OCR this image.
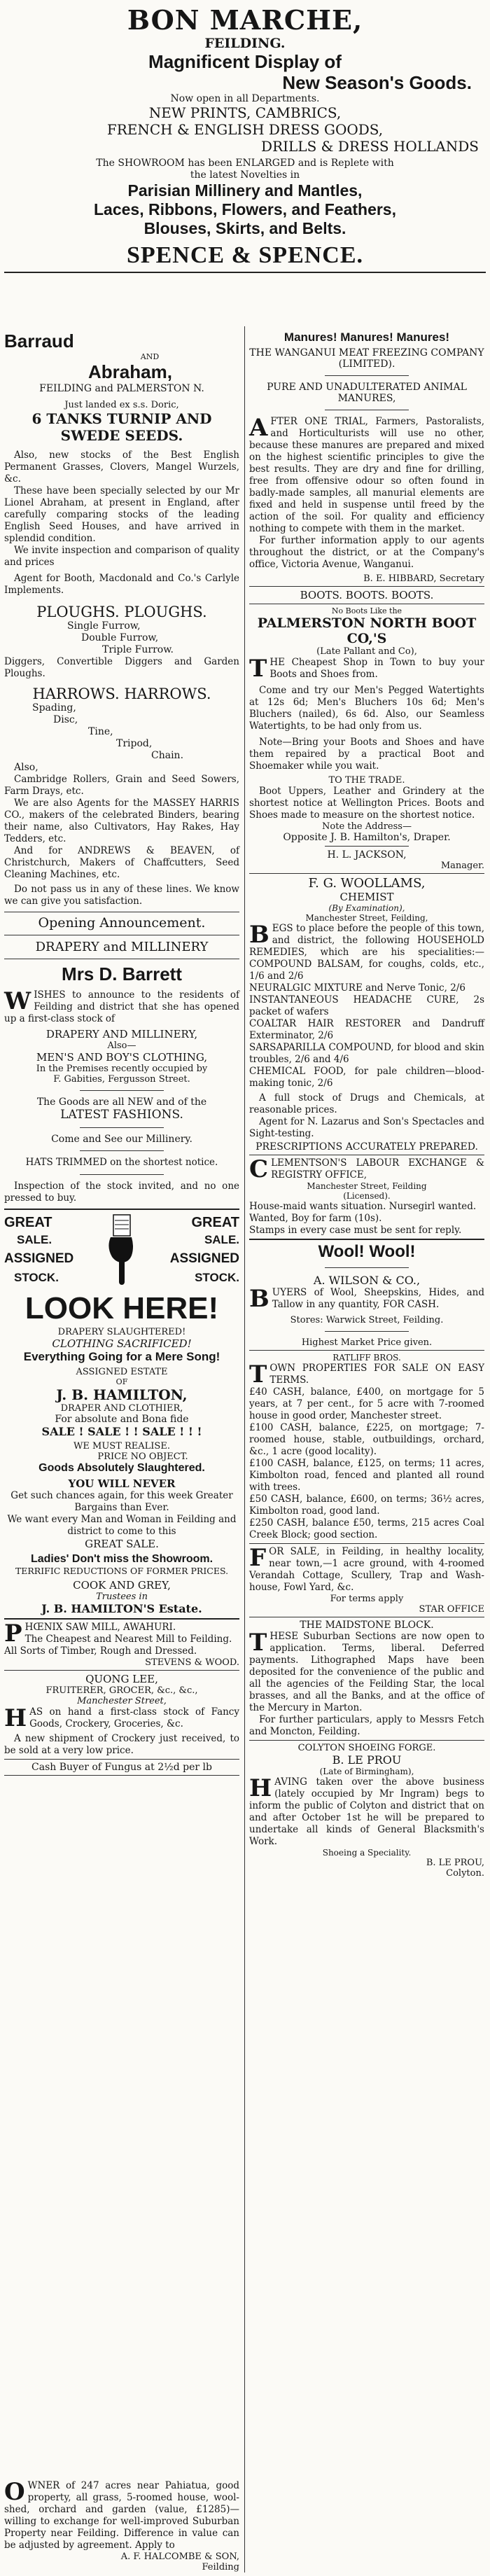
BON MARCHE,
FEILDING.
Magnificent Display of
New Season's Goods.
Now open in all Departments.
NEW PRINTS, CAMBRICS,
FRENCH & ENGLISH DRESS GOODS,
DRILLS & DRESS HOLLANDS
The SHOWROOM has been ENLARGED and is Replete with
the latest Novelties in
Parisian Millinery and Mantles,
Laces, Ribbons, Flowers, and Feathers,
Blouses, Skirts, and Belts.
SPENCE & SPENCE.
Barraud
AND
Abraham,
FEILDING and PALMERSTON N.
Just landed ex s.s. Doric,
6 TANKS TURNIP AND
SWEDE SEEDS.

Also, new stocks of the Best English Permanent Grasses, Clovers, Mangel Wurzels, &c.

These have been specially selected by our Mr Lionel Abraham, at present in England, after carefully comparing stocks of the leading English Seed Houses, and have arrived in splendid condition.

We invite inspection and comparison of quality and prices

Agent for Booth, Macdonald and Co.'s Carlyle Implements.

PLOUGHS. PLOUGHS.
Single Furrow,
Double Furrow,
Triple Furrow.
Diggers, Convertible Diggers and Garden Ploughs.
HARROWS. HARROWS.
Spading,
Disc,
Tine,
Tripod,
Chain.
Also,

Cambridge Rollers, Grain and Seed Sowers, Farm Drays, etc.

We are also Agents for the MASSEY HARRIS CO., makers of the celebrated Binders, bearing their name, also Cultivators, Hay Rakes, Hay Tedders, etc.

And for ANDREWS & BEAVEN, of Christchurch, Makers of Chaffcutters, Seed Cleaning Machines, etc.

Do not pass us in any of these lines. We know we can give you satisfaction.

Opening Announcement.
DRAPERY and MILLINERY
Mrs D. Barrett

WISHES to announce to the residents of Feilding and district that she has opened up a first-class stock of

DRAPERY AND MILLINERY,
Also—
MEN'S AND BOY'S CLOTHING,
In the Premises recently occupied by
F. Gabities, Fergusson Street.
The Goods are all NEW and of the
LATEST FASHIONS.
Come and See our Millinery.

HATS TRIMMED on the shortest notice.

Inspection of the stock invited, and no one pressed to buy.

GREAT	GREAT
SALE.	SALE.
ASSIGNED	ASSIGNED
STOCK.	STOCK.
LOOK HERE!
DRAPERY SLAUGHTERED!
CLOTHING SACRIFICED!
Everything Going for a Mere Song!
ASSIGNED ESTATE
OF
J. B. HAMILTON,
DRAPER AND CLOTHIER,
For absolute and Bona fide
SALE ! SALE ! ! SALE ! ! !
WE MUST REALISE.
PRICE NO OBJECT.
Goods Absolutely Slaughtered.
YOU WILL NEVER

Get such chances again, for this week Greater Bargains than Ever.

We want every Man and Woman in Feilding and district to come to this

GREAT SALE.
Ladies' Don't miss the Showroom.
TERRIFIC REDUCTIONS OF FORMER PRICES.
COOK AND GREY,
Trustees in
J. B. HAMILTON'S Estate.

PHŒNIX SAW MILL, AWAHURI.

The Cheapest and Nearest Mill to Feilding.

All Sorts of Timber, Rough and Dressed.

STEVENS & WOOD.
QUONG LEE,
FRUITERER, GROCER, &c., &c.,
Manchester Street,

HAS on hand a first-class stock of Fancy Goods, Crockery, Groceries, &c.

A new shipment of Crockery just received, to be sold at a very low price.

Cash Buyer of Fungus at 2½d per lb
Manures! Manures! Manures!
THE WANGANUI MEAT FREEZING COMPANY (LIMITED).
PURE AND UNADULTERATED ANIMAL MANURES,

AFTER ONE TRIAL, Farmers, Pastoralists, and Horticulturists will use no other, because these manures are prepared and mixed on the highest scientific principles to give the best results. They are dry and fine for drilling, free from offensive odour so often found in badly-made samples, all manurial elements are fixed and held in suspense until freed by the action of the soil. For quality and efficiency nothing to compete with them in the market.

For further information apply to our agents throughout the district, or at the Company's office, Victoria Avenue, Wanganui.

B. E. HIBBARD, Secretary
BOOTS. BOOTS. BOOTS.
No Boots Like the
PALMERSTON NORTH BOOT CO,'S
(Late Pallant and Co),

THE Cheapest Shop in Town to buy your Boots and Shoes from.

Come and try our Men's Pegged Watertights at 12s 6d; Men's Bluchers 10s 6d; Men's Bluchers (nailed), 6s 6d. Also, our Seamless Watertights, to be had only from us.

Note—Bring your Boots and Shoes and have them repaired by a practical Boot and Shoemaker while you wait.

TO THE TRADE.

Boot Uppers, Leather and Grindery at the shortest notice at Wellington Prices. Boots and Shoes made to measure on the shortest notice.

Note the Address—
Opposite J. B. Hamilton's, Draper.
H. L. JACKSON,
Manager.
F. G. WOOLLAMS,
CHEMIST
(By Examination),
Manchester Street, Feilding,

BEGS to place before the people of this town, and district, the following HOUSEHOLD REMEDIES, which are his specialities:—COMPOUND BALSAM, for coughs, colds, etc., 1/6 and 2/6

NEURALGIC MIXTURE and Nerve Tonic, 2/6

INSTANTANEOUS HEADACHE CURE, 2s packet of wafers

COALTAR HAIR RESTORER and Dandruff Exterminator, 2/6

SARSAPARILLA COMPOUND, for blood and skin troubles, 2/6 and 4/6

CHEMICAL FOOD, for pale children—blood-making tonic, 2/6

A full stock of Drugs and Chemicals, at reasonable prices.

Agent for N. Lazarus and Son's Spectacles and Sight-testing.

PRESCRIPTIONS ACCURATELY PREPARED.

CLEMENTSON'S LABOUR EXCHANGE & REGISTRY OFFICE,

Manchester Street, Feilding
(Licensed).

House-maid wants situation. Nursegirl wanted.

Wanted, Boy for farm (10s).

Stamps in every case must be sent for reply.

Wool! Wool!
A. WILSON & CO.,

BUYERS of Wool, Sheepskins, Hides, and Tallow in any quantity, FOR CASH.

Stores: Warwick Street, Feilding.
Highest Market Price given.
RATLIFF BROS.

TOWN PROPERTIES FOR SALE ON EASY TERMS.

£40 CASH, balance, £400, on mortgage for 5 years, at 7 per cent., for 5 acre with 7-roomed house in good order, Manchester street.

£100 CASH, balance, £225, on mortgage; 7-roomed house, stable, outbuildings, orchard, &c., 1 acre (good locality).

£100 CASH, balance, £125, on terms; 11 acres, Kimbolton road, fenced and planted all round with trees.

£50 CASH, balance, £600, on terms; 36½ acres, Kimbolton road, good land.

£250 CASH, balance £50, terms, 215 acres Coal Creek Block; good section.

FOR SALE, in Feilding, in healthy locality, near town,—1 acre ground, with 4-roomed Verandah Cottage, Scullery, Trap and Wash-house, Fowl Yard, &c.

For terms apply
STAR OFFICE
THE MAIDSTONE BLOCK.

THESE Suburban Sections are now open to application. Terms, liberal. Deferred payments. Lithographed Maps have been deposited for the convenience of the public and all the agencies of the Feilding Star, the local brasses, and all the Banks, and at the office of the Mercury in Marton.

For further particulars, apply to Messrs Fetch and Moncton, Feilding.

COLYTON SHOEING FORGE.
B. LE PROU
(Late of Birmingham),

HAVING taken over the above business (lately occupied by Mr Ingram) begs to inform the public of Colyton and district that on and after October 1st he will be prepared to undertake all kinds of General Blacksmith's Work.

Shoeing a Speciality.
B. LE PROU,
Colyton.

OWNER of 247 acres near Pahiatua, good property, all grass, 5-roomed house, wool-shed, orchard and garden (value, £1285)—willing to exchange for well-improved Suburban Property near Feilding. Difference in value can be adjusted by agreement. Apply to

A. F. HALCOMBE & SON,
Feilding
